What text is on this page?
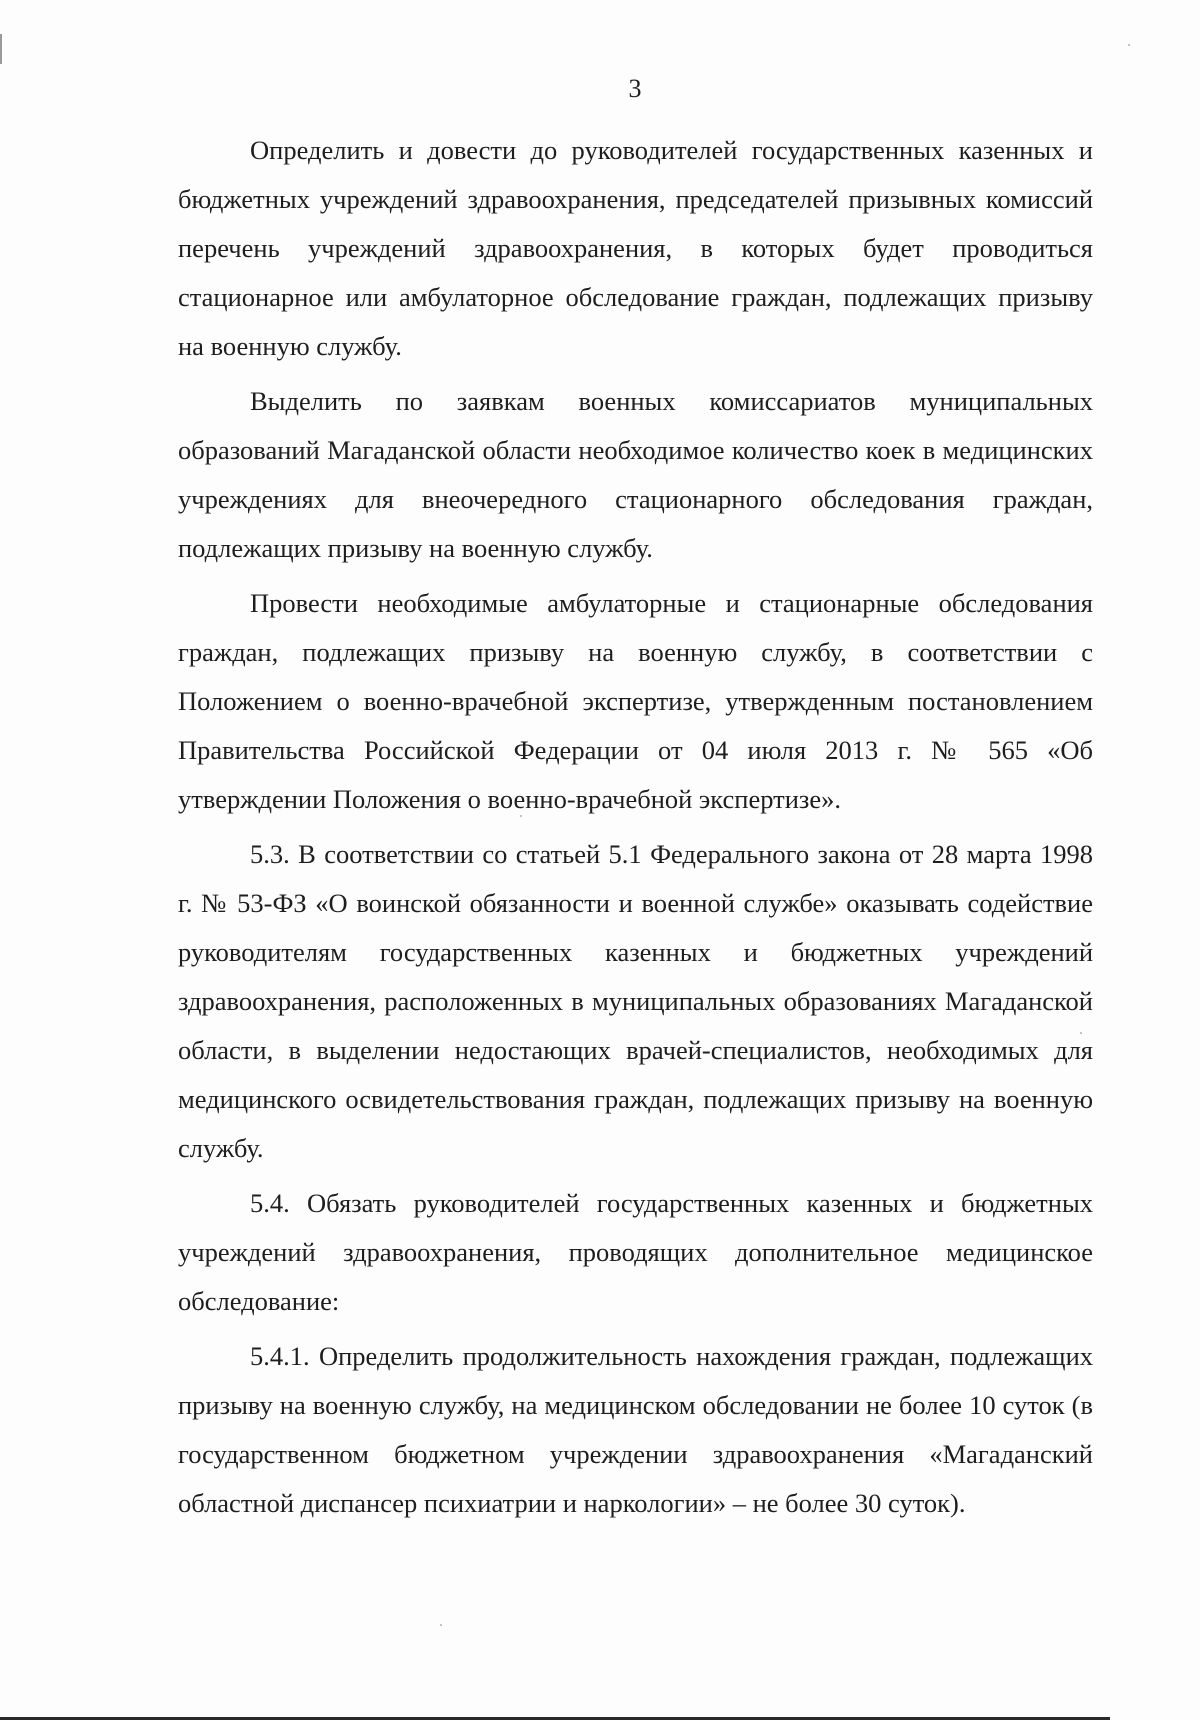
3

Определить и довести до руководителей государственных казенных и бюджетных учреждений здравоохранения, председателей призывных комиссий перечень учреждений здравоохранения, в которых будет проводиться стационарное или амбулаторное обследование граждан, подлежащих призыву на военную службу.

Выделить по заявкам военных комиссариатов муниципальных образований Магаданской области необходимое количество коек в медицинских учреждениях для внеочередного стационарного обследования граждан, подлежащих призыву на военную службу.

Провести необходимые амбулаторные и стационарные обследования граждан, подлежащих призыву на военную службу, в соответствии с Положением о военно-врачебной экспертизе, утвержденным постановлением Правительства Российской Федерации от 04 июля 2013 г. № 565 «Об утверждении Положения о военно-врачебной экспертизе».

5.3. В соответствии со статьей 5.1 Федерального закона от 28 марта 1998 г. № 53-ФЗ «О воинской обязанности и военной службе» оказывать содействие руководителям государственных казенных и бюджетных учреждений здравоохранения, расположенных в муниципальных образованиях Магаданской области, в выделении недостающих врачей-специалистов, необходимых для медицинского освидетельствования граждан, подлежащих призыву на военную службу.

5.4. Обязать руководителей государственных казенных и бюджетных учреждений здравоохранения, проводящих дополнительное медицинское обследование:

5.4.1. Определить продолжительность нахождения граждан, подлежащих призыву на военную службу, на медицинском обследовании не более 10 суток (в государственном бюджетном учреждении здравоохранения «Магаданский областной диспансер психиатрии и наркологии» – не более 30 суток).
